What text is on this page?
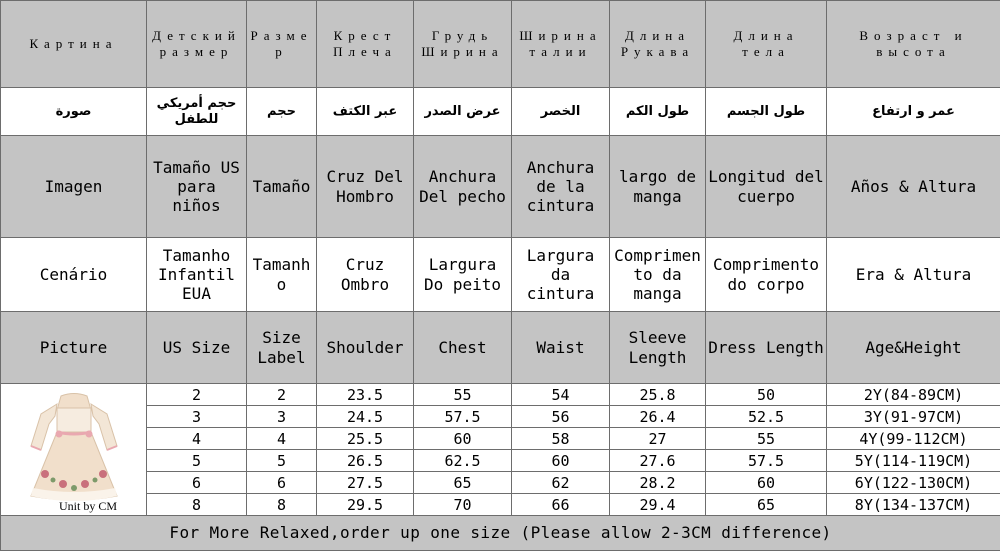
Картина	Детский размер	Размер	Крест Плеча	Грудь Ширина	Ширина талии	Длина Рукава	Длина тела	Возраст и высота
صورة	حجم أمريكي للطفل	حجم	عبر الكتف	عرض الصدر	الخصر	طول الكم	طول الجسم	عمر و ارتفاع
Imagen	Tamaño US para niños	Tamaño	Cruz Del Hombro	Anchura Del pecho	Anchura de la cintura	largo de manga	Longitud del cuerpo	Años & Altura
Cenário	Tamanho Infantil EUA	Tamanho	Cruz Ombro	Largura Do peito	Largura da cintura	Comprimento da manga	Comprimento do corpo	Era & Altura
Picture	US Size	Size Label	Shoulder	Chest	Waist	Sleeve Length	Dress Length	Age&Height

Unit by CM	2	2	23.5	55	54	25.8	50	2Y(84-89CM)
	3	3	24.5	57.5	56	26.4	52.5	3Y(91-97CM)
	4	4	25.5	60	58	27	55	4Y(99-112CM)
	5	5	26.5	62.5	60	27.6	57.5	5Y(114-119CM)
	6	6	27.5	65	62	28.2	60	6Y(122-130CM)
	8	8	29.5	70	66	29.4	65	8Y(134-137CM)
For More Relaxed,order up one size (Please allow 2-3CM difference)								
